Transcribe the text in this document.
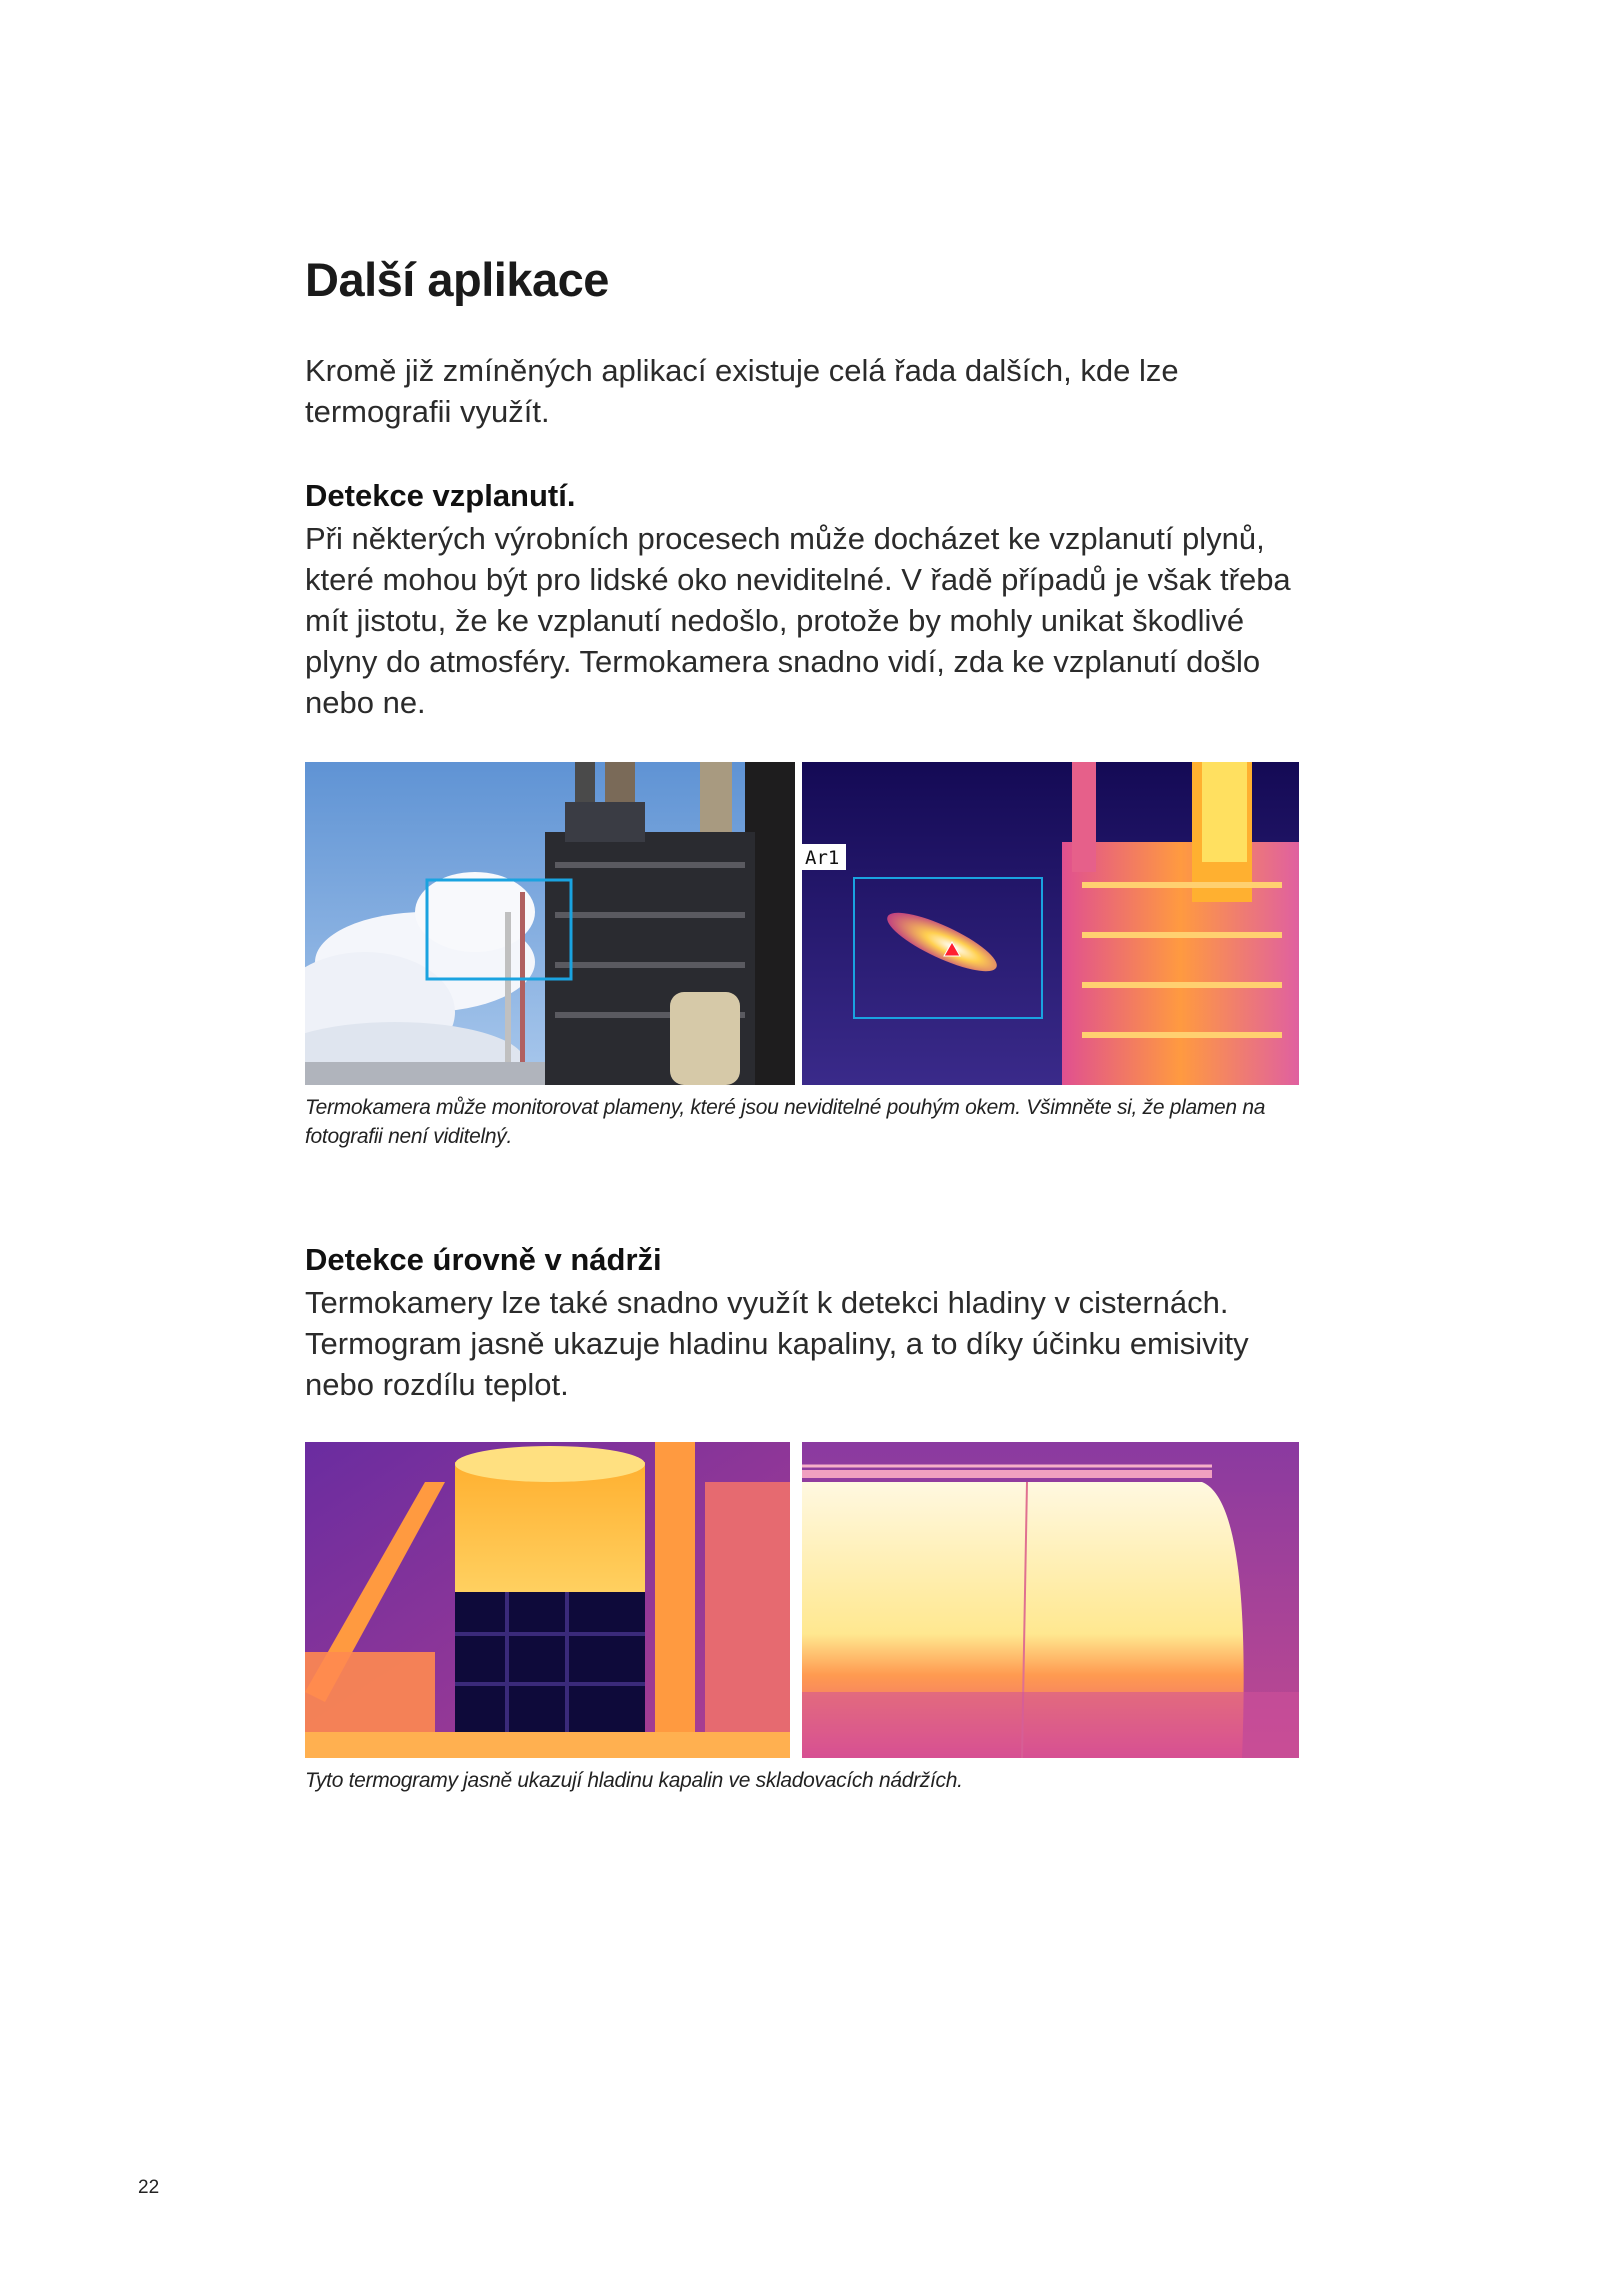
Další aplikace

Kromě již zmíněných aplikací existuje celá řada dalších, kde lze termografii využít.

Detekce vzplanutí.

Při některých výrobních procesech může docházet ke vzplanutí plynů, které mohou být pro lidské oko neviditelné. V řadě případů je však třeba mít jistotu, že ke vzplanutí nedošlo, protože by mohly unikat škodlivé plyny do atmosféry. Termokamera snadno vidí, zda ke vzplanutí došlo nebo ne.

Ar1

Termokamera může monitorovat plameny, které jsou neviditelné pouhým okem. Všimněte si, že plamen na fotografii není viditelný.

Detekce úrovně v nádrži

Termokamery lze také snadno využít k detekci hladiny v cisternách. Termogram jasně ukazuje hladinu kapaliny, a to díky účinku emisivity nebo rozdílu teplot.

Tyto termogramy jasně ukazují hladinu kapalin ve skladovacích nádržích.

22
